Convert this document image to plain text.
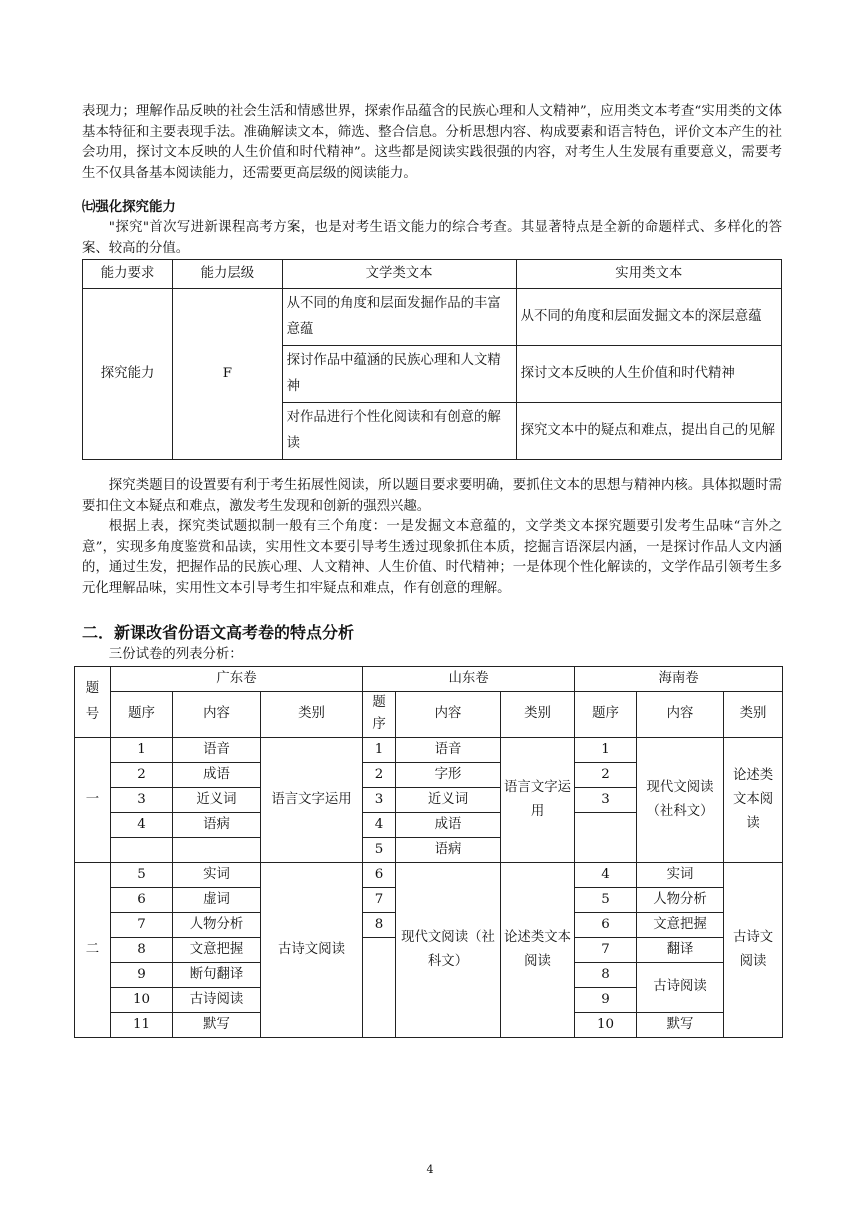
表现力；理解作品反映的社会生活和情感世界，探索作品蕴含的民族心理和人文精神”，应用类文本考查“实用类的文体基本特征和主要表现手法。准确解读文本，筛选、整合信息。分析思想内容、构成要素和语言特色，评价文本产生的社会功用，探讨文本反映的人生价值和时代精神”。这些都是阅读实践很强的内容，对考生人生发展有重要意义，需要考生不仅具备基本阅读能力，还需要更高层级的阅读能力。

㈦强化探究能力

"探究"首次写进新课程高考方案，也是对考生语文能力的综合考查。其显著特点是全新的命题样式、多样化的答案、较高的分值。

能力要求	能力层级	文学类文本	实用类文本
探究能力	F	从不同的角度和层面发掘作品的丰富意蕴	从不同的角度和层面发掘文本的深层意蕴
		探讨作品中蕴涵的民族心理和人文精神	探讨文本反映的人生价值和时代精神
		对作品进行个性化阅读和有创意的解读	探究文本中的疑点和难点，提出自己的见解

探究类题目的设置要有利于考生拓展性阅读，所以题目要求要明确，要抓住文本的思想与精神内核。具体拟题时需要扣住文本疑点和难点，激发考生发现和创新的强烈兴趣。

根据上表，探究类试题拟制一般有三个角度：一是发掘文本意蕴的，文学类文本探究题要引发考生品味“言外之意”，实现多角度鉴赏和品读，实用性文本要引导考生透过现象抓住本质，挖掘言语深层内涵，一是探讨作品人文内涵的，通过生发，把握作品的民族心理、人文精神、人生价值、时代精神；一是体现个性化解读的，文学作品引领考生多元化理解品味，实用性文本引导考生扣牢疑点和难点，作有创意的理解。

二．新课改省份语文高考卷的特点分析

三份试卷的列表分析：

题号	广东卷			山东卷			海南卷		
	题序	内容	类别	题序	内容	类别	题序	内容	类别
一	1	语音	语言文字运用	1	语音	语言文字运用	1	现代文阅读（社科文）	论述类文本阅读
	2	成语		2	字形		2		
	3	近义词		3	近义词		3		
	4	语病		4	成语				
				5	语病				
二	5	实词	古诗文阅读	6	现代文阅读（社科文）	论述类文本阅读	4	实词	古诗文阅读
	6	虚词		7			5	人物分析	
	7	人物分析		8			6	文意把握	
	8	文意把握					7	翻译	
	9	断句翻译					8	古诗阅读	
	10	古诗阅读					9		
	11	默写					10	默写	
4
